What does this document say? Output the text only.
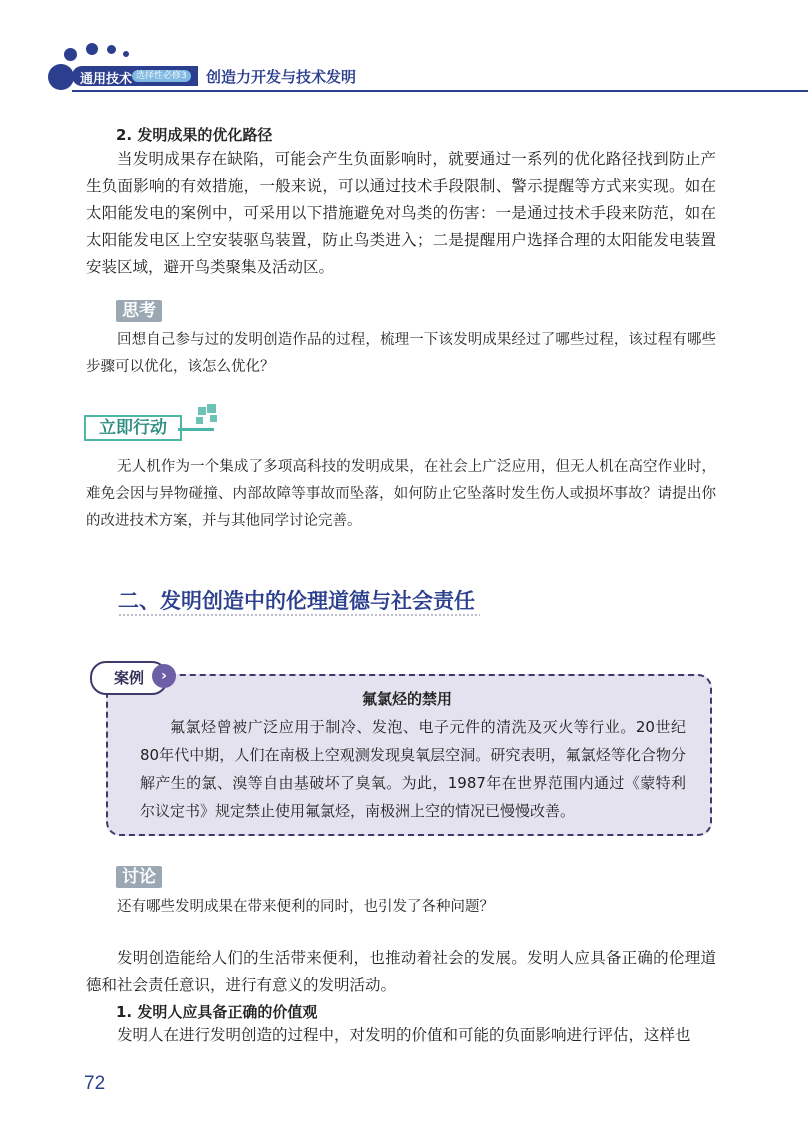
通用技术 选择性必修3 创造力开发与技术发明
2. 发明成果的优化路径

当发明成果存在缺陷，可能会产生负面影响时，就要通过一系列的优化路径找到防止产生负面影响的有效措施，一般来说，可以通过技术手段限制、警示提醒等方式来实现。如在太阳能发电的案例中，可采用以下措施避免对鸟类的伤害：一是通过技术手段来防范，如在太阳能发电区上空安装驱鸟装置，防止鸟类进入；二是提醒用户选择合理的太阳能发电装置安装区域，避开鸟类聚集及活动区。

思考

回想自己参与过的发明创造作品的过程，梳理一下该发明成果经过了哪些过程，该过程有哪些步骤可以优化，该怎么优化？

立即行动

无人机作为一个集成了多项高科技的发明成果，在社会上广泛应用，但无人机在高空作业时，难免会因与异物碰撞、内部故障等事故而坠落，如何防止它坠落时发生伤人或损坏事故？请提出你的改进技术方案，并与其他同学讨论完善。

二、发明创造中的伦理道德与社会责任
案例	›
氟氯烃的禁用

氟氯烃曾被广泛应用于制冷、发泡、电子元件的清洗及灭火等行业。20世纪80年代中期，人们在南极上空观测发现臭氧层空洞。研究表明，氟氯烃等化合物分解产生的氯、溴等自由基破坏了臭氧。为此，1987年在世界范围内通过《蒙特利尔议定书》规定禁止使用氟氯烃，南极洲上空的情况已慢慢改善。

讨论

还有哪些发明成果在带来便利的同时，也引发了各种问题？

发明创造能给人们的生活带来便利，也推动着社会的发展。发明人应具备正确的伦理道德和社会责任意识，进行有意义的发明活动。

1. 发明人应具备正确的价值观

发明人在进行发明创造的过程中，对发明的价值和可能的负面影响进行评估，这样也

72
